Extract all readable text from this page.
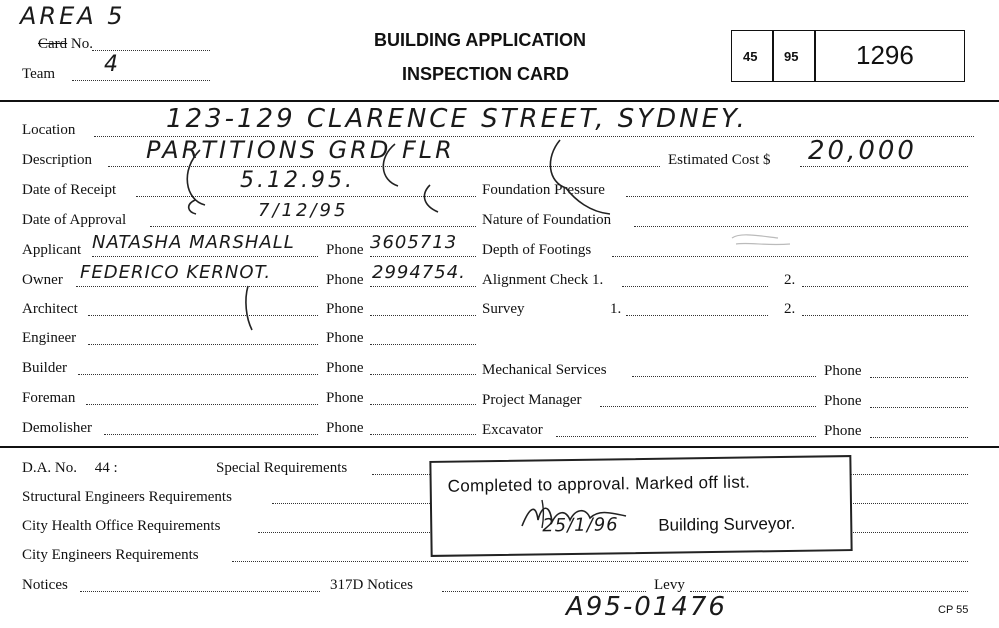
AREA 5
Card No.
Team 4
BUILDING APPLICATION
INSPECTION CARD
45 95 1296
Location	123-129 CLARENCE STREET, SYDNEY.
Description PARTITIONS GRD FLR	Estimated Cost $ 20,000
Date of Receipt	5.12.95.	Foundation Pressure
Date of Approval	7/12/95	Nature of Foundation
Applicant NATASHA MARSHALL Phone 3605713 Depth of Footings
Owner FEDERICO KERNOT.	Phone 2994754. Alignment Check 1.	2.
Architect	Phone	Survey	1.	2.
Engineer	Phone
Builder	Phone	Mechanical Services	Phone
Foreman	Phone	Project Manager	Phone
Demolisher	Phone	Excavator	Phone
D.A. No. 44 :	Special Requirements
Structural Engineers Requirements
City Health Office Requirements
City Engineers Requirements
Notices	317D Notices	Levy
Completed to approval. Marked off list.
25/1/96 Building Surveyor.
A95-01476	CP 55
